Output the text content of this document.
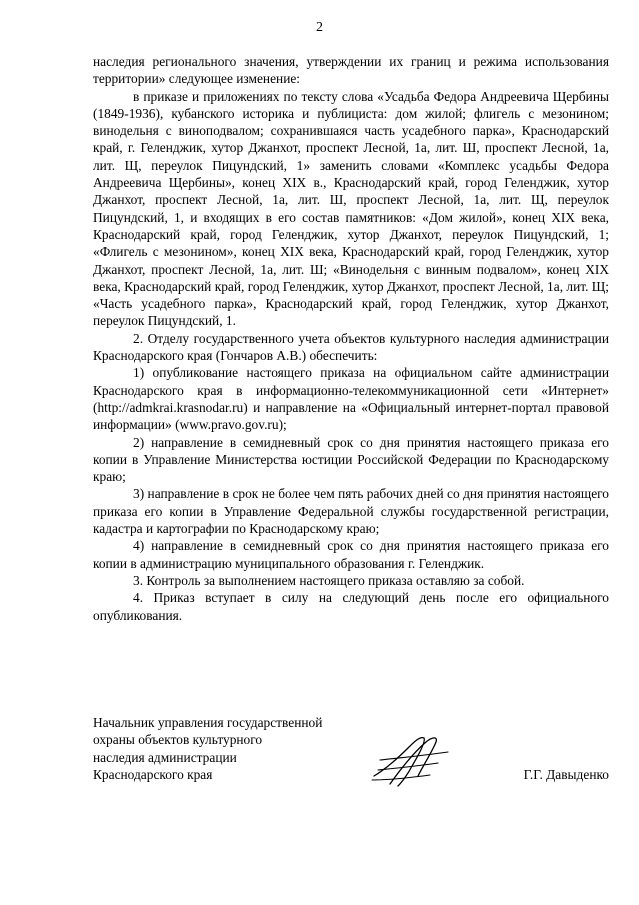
2

наследия регионального значения, утверждении их границ и режима использования территории» следующее изменение:

в приказе и приложениях по тексту слова «Усадьба Федора Андреевича Щербины (1849-1936), кубанского историка и публициста: дом жилой; флигель с мезонином; винодельня с виноподвалом; сохранившаяся часть усадебного парка», Краснодарский край, г. Геленджик, хутор Джанхот, проспект Лесной, 1а, лит. Ш, проспект Лесной, 1а, лит. Щ, переулок Пицундский, 1» заменить словами «Комплекс усадьбы Федора Андреевича Щербины», конец XIX в., Краснодарский край, город Геленджик, хутор Джанхот, проспект Лесной, 1а, лит. Ш, проспект Лесной, 1а, лит. Щ, переулок Пицундский, 1, и входящих в его состав памятников: «Дом жилой», конец XIX века, Краснодарский край, город Геленджик, хутор Джанхот, переулок Пицундский, 1; «Флигель с мезонином», конец XIX века, Краснодарский край, город Геленджик, хутор Джанхот, проспект Лесной, 1а, лит. Ш; «Винодельня с винным подвалом», конец XIX века, Краснодарский край, город Геленджик, хутор Джанхот, проспект Лесной, 1а, лит. Щ; «Часть усадебного парка», Краснодарский край, город Геленджик, хутор Джанхот, переулок Пицундский, 1.

2. Отделу государственного учета объектов культурного наследия администрации Краснодарского края (Гончаров А.В.) обеспечить:

1) опубликование настоящего приказа на официальном сайте администрации Краснодарского края в информационно-телекоммуникационной сети «Интернет» (http://admkrai.krasnodar.ru) и направление на «Официальный интернет-портал правовой информации» (www.pravo.gov.ru);

2) направление в семидневный срок со дня принятия настоящего приказа его копии в Управление Министерства юстиции Российской Федерации по Краснодарскому краю;

3) направление в срок не более чем пять рабочих дней со дня принятия настоящего приказа его копии в Управление Федеральной службы государственной регистрации, кадастра и картографии по Краснодарскому краю;

4) направление в семидневный срок со дня принятия настоящего приказа его копии в администрацию муниципального образования г. Геленджик.

3. Контроль за выполнением настоящего приказа оставляю за собой.

4. Приказ вступает в силу на следующий день после его официального опубликования.

Начальник управления государственной
охраны объектов культурного
наследия администрации
Краснодарского края	Г.Г. Давыденко
